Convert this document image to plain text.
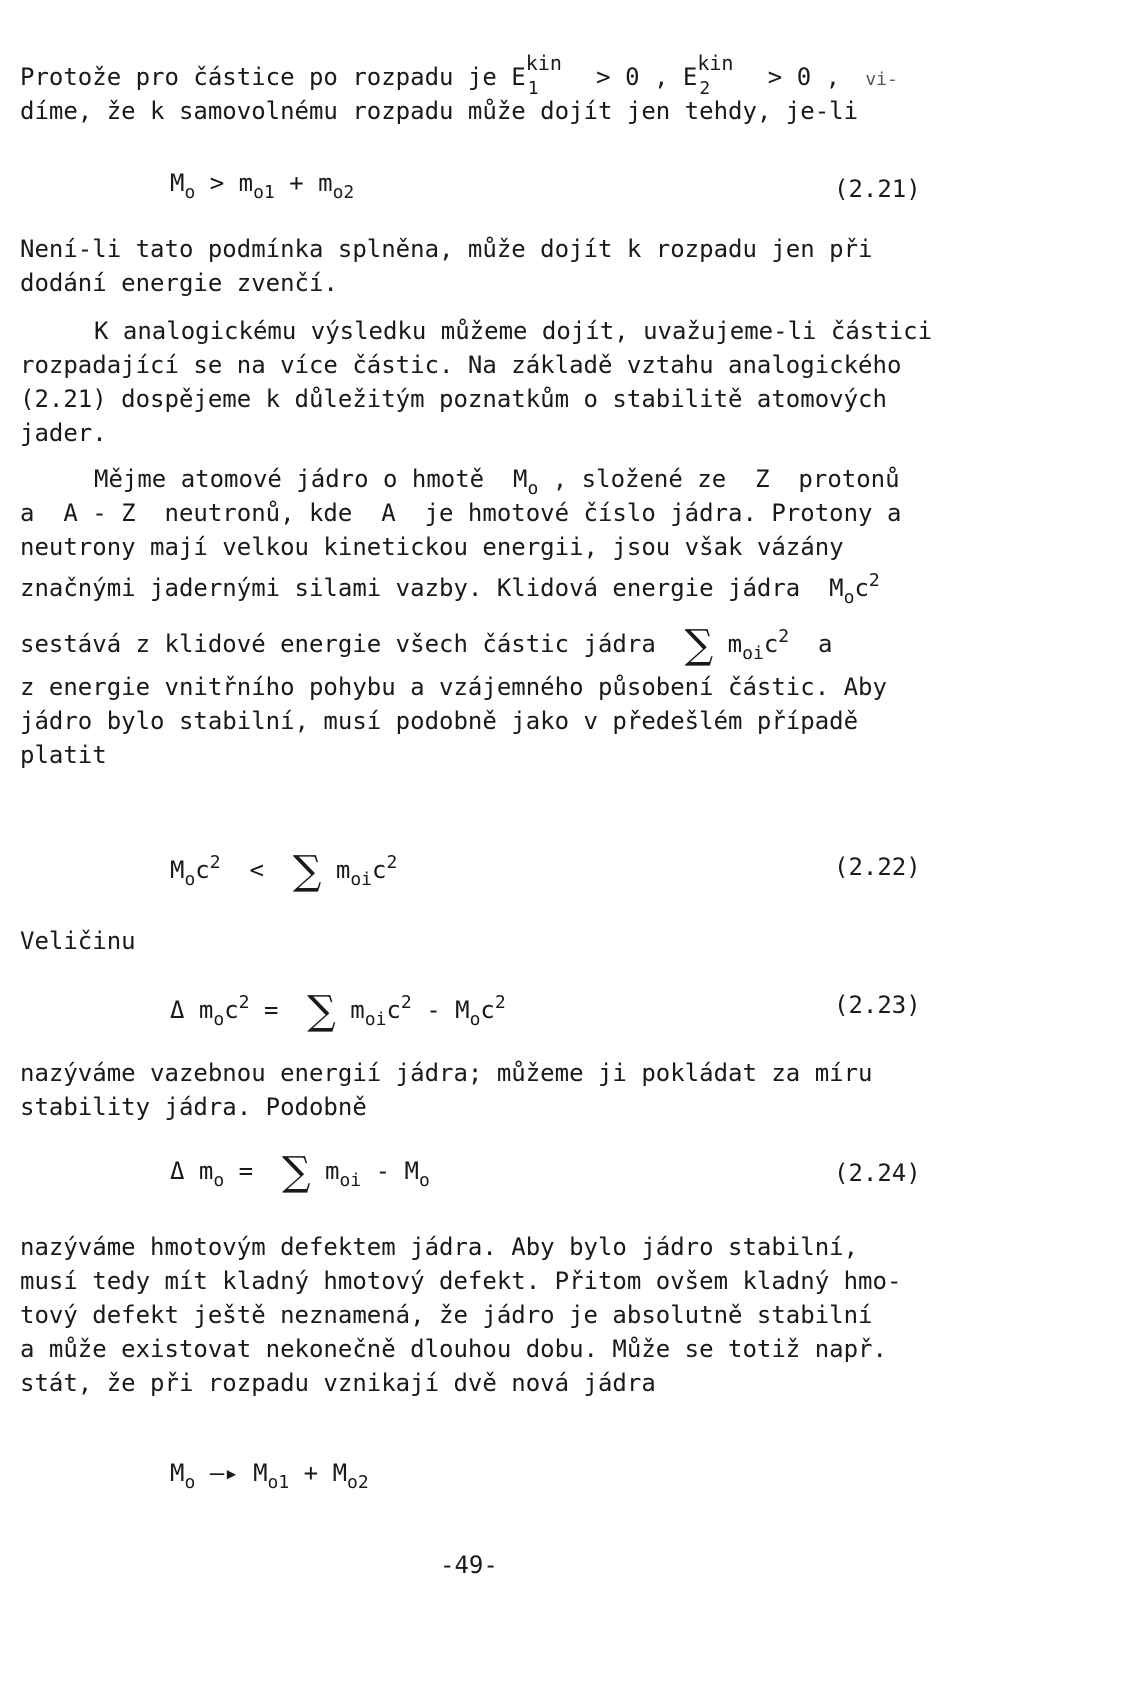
Protože pro částice po rozpadu je E kin
1 > 0 , E kin
2 > 0 ,  vi-
díme, že k samovolnému rozpadu může dojít jen tehdy, je-li
$M_o > m_{o1} + m_{o2}$	(2.21)
Není-li tato podmínka splněna, může dojít k rozpadu jen při
dodání energie zvenčí.
K analogickému výsledku můžeme dojít, uvažujeme-li částici
rozpadající se na více částic. Na základě vztahu analogického
(2.21) dospějeme k důležitým poznatkům o stabilitě atomových
jader.
Mějme atomové jádro o hmotě  $M_o$ , složené ze  Z  protonů
a  A - Z  neutronů, kde  A  je hmotové číslo jádra. Protony a
neutrony mají velkou kinetickou energii, jsou však vázány
značnými jadernými silami vazby. Klidová energie jádra  $M_oc^2$
sestává z klidové energie všech částic jádra  ∑ $m_{oi}c^2$  a
z energie vnitřního pohybu a vzájemného působení částic. Aby
jádro bylo stabilní, musí podobně jako v předešlém případě
platit
$M_oc^2$  <  ∑ $m_{oi}c^2$	(2.22)
Veličinu
Δ $m_oc^2$ =  ∑ $m_{oi}c^2 - M_oc^2$	(2.23)
nazýváme vazebnou energií jádra; můžeme ji pokládat za míru
stability jádra. Podobně
Δ $m_o$ =  ∑ $m_{oi} - M_o$	(2.24)
nazýváme hmotovým defektem jádra. Aby bylo jádro stabilní,
musí tedy mít kladný hmotový defekt. Přitom ovšem kladný hmo-
tový defekt ještě neznamená, že jádro je absolutně stabilní
a může existovat nekonečně dlouhou dobu. Může se totiž např.
stát, že při rozpadu vznikají dvě nová jádra
$M_o$ —▸ $M_{o1} + M_{o2}$
-49-
